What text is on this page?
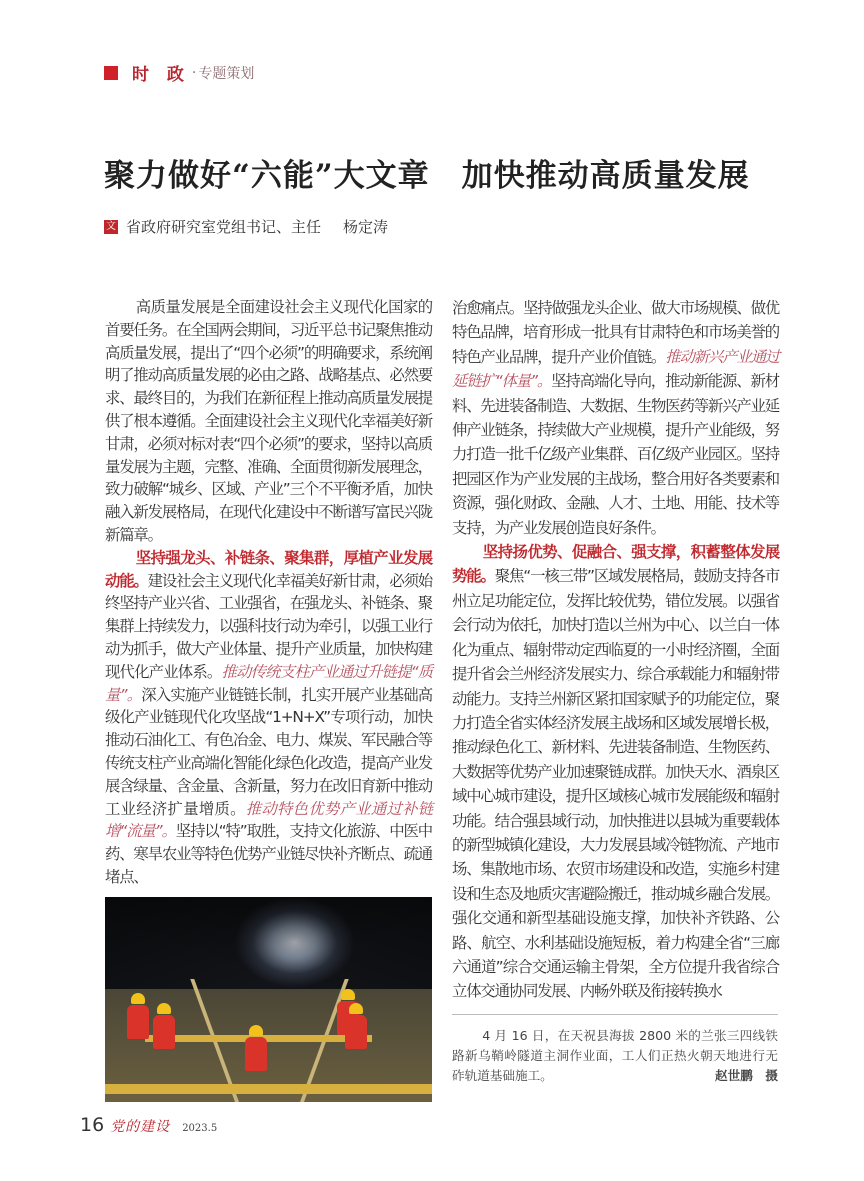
时 政 · 专题策划
聚力做好“六能”大文章　加快推动高质量发展
文 省政府研究室党组书记、主任 杨定涛

高质量发展是全面建设社会主义现代化国家的首要任务。在全国两会期间，习近平总书记聚焦推动高质量发展，提出了“四个必须”的明确要求，系统阐明了推动高质量发展的必由之路、战略基点、必然要求、最终目的，为我们在新征程上推动高质量发展提供了根本遵循。全面建设社会主义现代化幸福美好新甘肃，必须对标对表“四个必须”的要求，坚持以高质量发展为主题，完整、准确、全面贯彻新发展理念，致力破解“城乡、区域、产业”三个不平衡矛盾，加快融入新发展格局，在现代化建设中不断谱写富民兴陇新篇章。

坚持强龙头、补链条、聚集群，厚植产业发展动能。建设社会主义现代化幸福美好新甘肃，必须始终坚持产业兴省、工业强省，在强龙头、补链条、聚集群上持续发力，以强科技行动为牵引，以强工业行动为抓手，做大产业体量、提升产业质量，加快构建现代化产业体系。推动传统支柱产业通过升链提“质量”。深入实施产业链链长制，扎实开展产业基础高级化产业链现代化攻坚战“1+N+X”专项行动，加快推动石油化工、有色冶金、电力、煤炭、军民融合等传统支柱产业高端化智能化绿色化改造，提高产业发展含绿量、含金量、含新量，努力在改旧育新中推动工业经济扩量增质。推动特色优势产业通过补链增“流量”。坚持以“特”取胜，支持文化旅游、中医中药、寒旱农业等特色优势产业链尽快补齐断点、疏通堵点、

治愈痛点。坚持做强龙头企业、做大市场规模、做优特色品牌，培育形成一批具有甘肃特色和市场美誉的特色产业品牌，提升产业价值链。推动新兴产业通过延链扩“体量”。坚持高端化导向，推动新能源、新材料、先进装备制造、大数据、生物医药等新兴产业延伸产业链条，持续做大产业规模，提升产业能级，努力打造一批千亿级产业集群、百亿级产业园区。坚持把园区作为产业发展的主战场，整合用好各类要素和资源，强化财政、金融、人才、土地、用能、技术等支持，为产业发展创造良好条件。

坚持扬优势、促融合、强支撑，积蓄整体发展势能。聚焦“一核三带”区域发展格局，鼓励支持各市州立足功能定位，发挥比较优势，错位发展。以强省会行动为依托，加快打造以兰州为中心、以兰白一体化为重点、辐射带动定西临夏的一小时经济圈，全面提升省会兰州经济发展实力、综合承载能力和辐射带动能力。支持兰州新区紧扣国家赋予的功能定位，聚力打造全省实体经济发展主战场和区域发展增长极，推动绿色化工、新材料、先进装备制造、生物医药、大数据等优势产业加速聚链成群。加快天水、酒泉区域中心城市建设，提升区域核心城市发展能级和辐射功能。结合强县域行动，加快推进以县城为重要载体的新型城镇化建设，大力发展县域冷链物流、产地市场、集散地市场、农贸市场建设和改造，实施乡村建设和生态及地质灾害避险搬迁，推动城乡融合发展。强化交通和新型基础设施支撑，加快补齐铁路、公路、航空、水利基础设施短板，着力构建全省“三廊六通道”综合交通运输主骨架，全方位提升我省综合立体交通协同发展、内畅外联及衔接转换水

4 月 16 日，在天祝县海拔 2800 米的兰张三四线铁路新乌鞘岭隧道主洞作业面，工人们正热火朝天地进行无砟轨道基础施工。	赵世鹏　摄

16 党的建设 2023.5
